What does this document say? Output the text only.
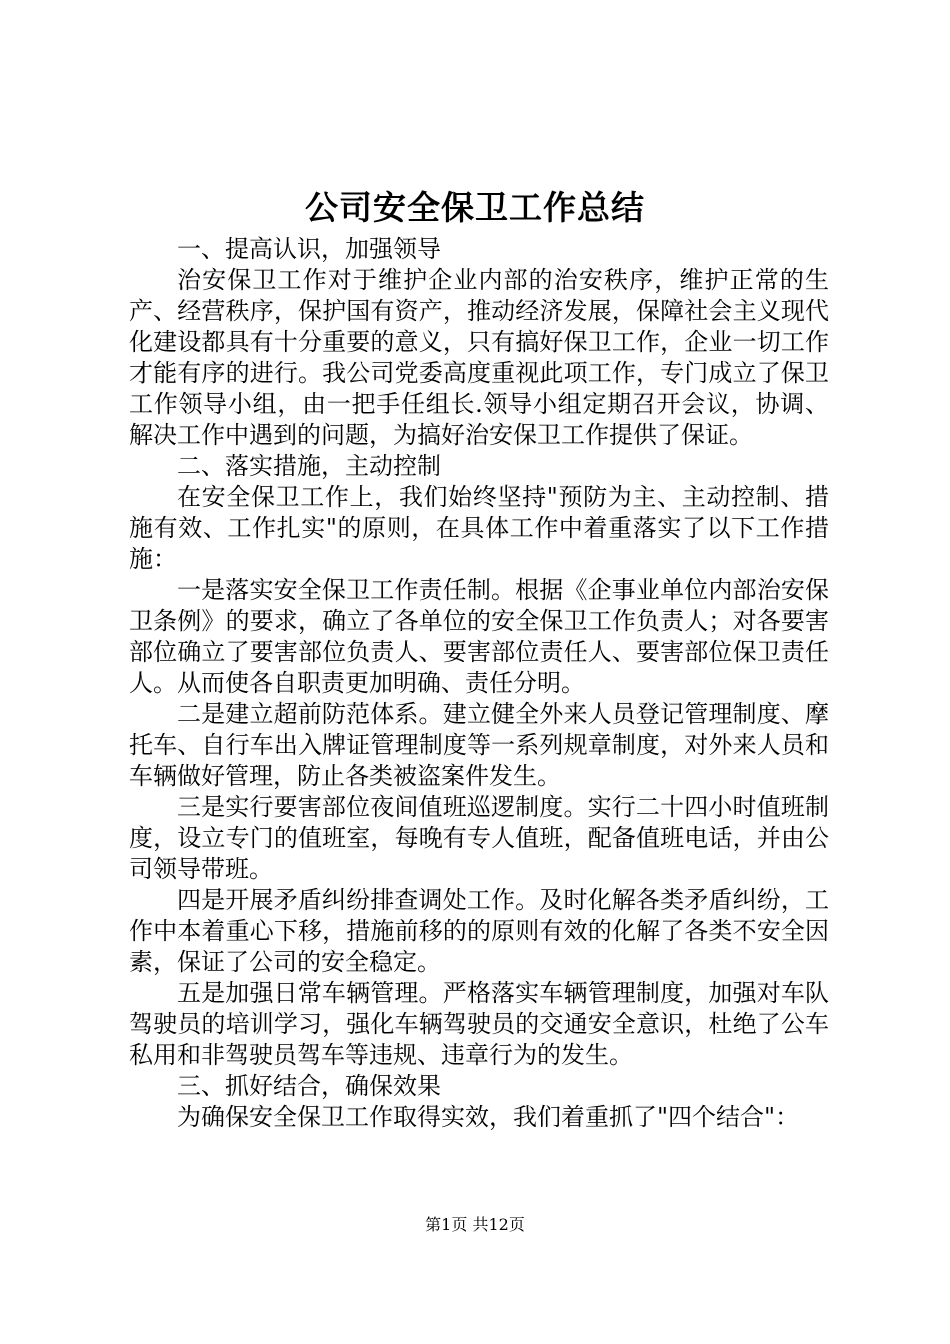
公司安全保卫工作总结

一、提高认识，加强领导

治安保卫工作对于维护企业内部的治安秩序，维护正常的生产、经营秩序，保护国有资产，推动经济发展，保障社会主义现代化建设都具有十分重要的意义，只有搞好保卫工作，企业一切工作才能有序的进行。我公司党委高度重视此项工作，专门成立了保卫工作领导小组，由一把手任组长.领导小组定期召开会议，协调、解决工作中遇到的问题，为搞好治安保卫工作提供了保证。

二、落实措施，主动控制

在安全保卫工作上，我们始终坚持"预防为主、主动控制、措施有效、工作扎实"的原则，在具体工作中着重落实了以下工作措施：

一是落实安全保卫工作责任制。根据《企事业单位内部治安保卫条例》的要求，确立了各单位的安全保卫工作负责人；对各要害部位确立了要害部位负责人、要害部位责任人、要害部位保卫责任人。从而使各自职责更加明确、责任分明。

二是建立超前防范体系。建立健全外来人员登记管理制度、摩托车、自行车出入牌证管理制度等一系列规章制度，对外来人员和车辆做好管理，防止各类被盗案件发生。

三是实行要害部位夜间值班巡逻制度。实行二十四小时值班制度，设立专门的值班室，每晚有专人值班，配备值班电话，并由公司领导带班。

四是开展矛盾纠纷排查调处工作。及时化解各类矛盾纠纷，工作中本着重心下移，措施前移的的原则有效的化解了各类不安全因素，保证了公司的安全稳定。

五是加强日常车辆管理。严格落实车辆管理制度，加强对车队驾驶员的培训学习，强化车辆驾驶员的交通安全意识，杜绝了公车私用和非驾驶员驾车等违规、违章行为的发生。

三、抓好结合，确保效果

为确保安全保卫工作取得实效，我们着重抓了"四个结合"：

第1页 共12页
